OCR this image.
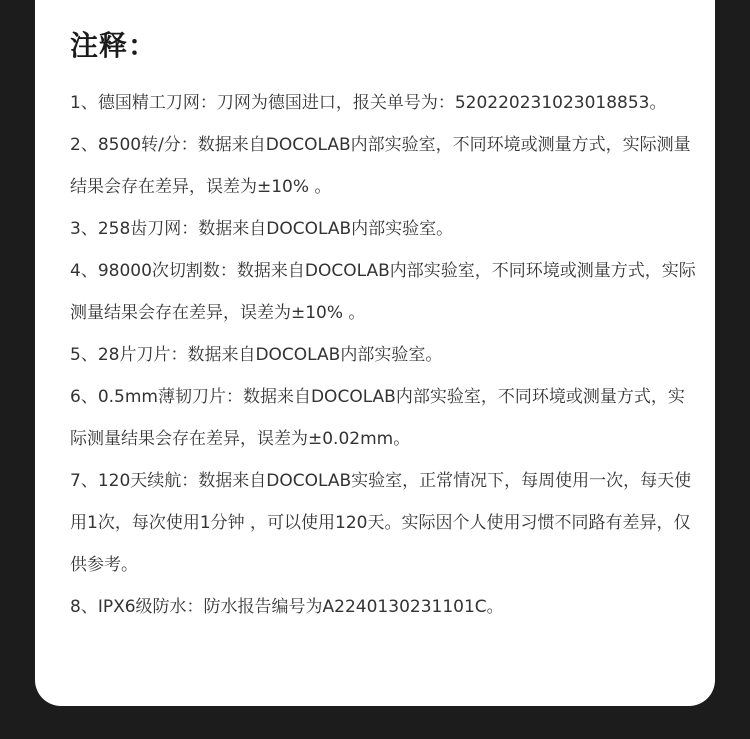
注释：
1、德国精工刀网：刀网为德国进口，报关单号为：520220231023018853。
2、8500转/分：数据来自DOCOLAB内部实验室，不同环境或测量方式，实际测量结果会存在差异，误差为±10% 。
3、258齿刀网：数据来自DOCOLAB内部实验室。
4、98000次切割数：数据来自DOCOLAB内部实验室，不同环境或测量方式，实际测量结果会存在差异，误差为±10% 。
5、28片刀片：数据来自DOCOLAB内部实验室。
6、0.5mm薄韧刀片：数据来自DOCOLAB内部实验室，不同环境或测量方式，实际测量结果会存在差异，误差为±0.02mm。
7、120天续航：数据来自DOCOLAB实验室，正常情况下，每周使用一次，每天使用1次，每次使用1分钟 ，可以使用120天。实际因个人使用习惯不同路有差异，仅供参考。
8、IPX6级防水：防水报告编号为A2240130231101C。
